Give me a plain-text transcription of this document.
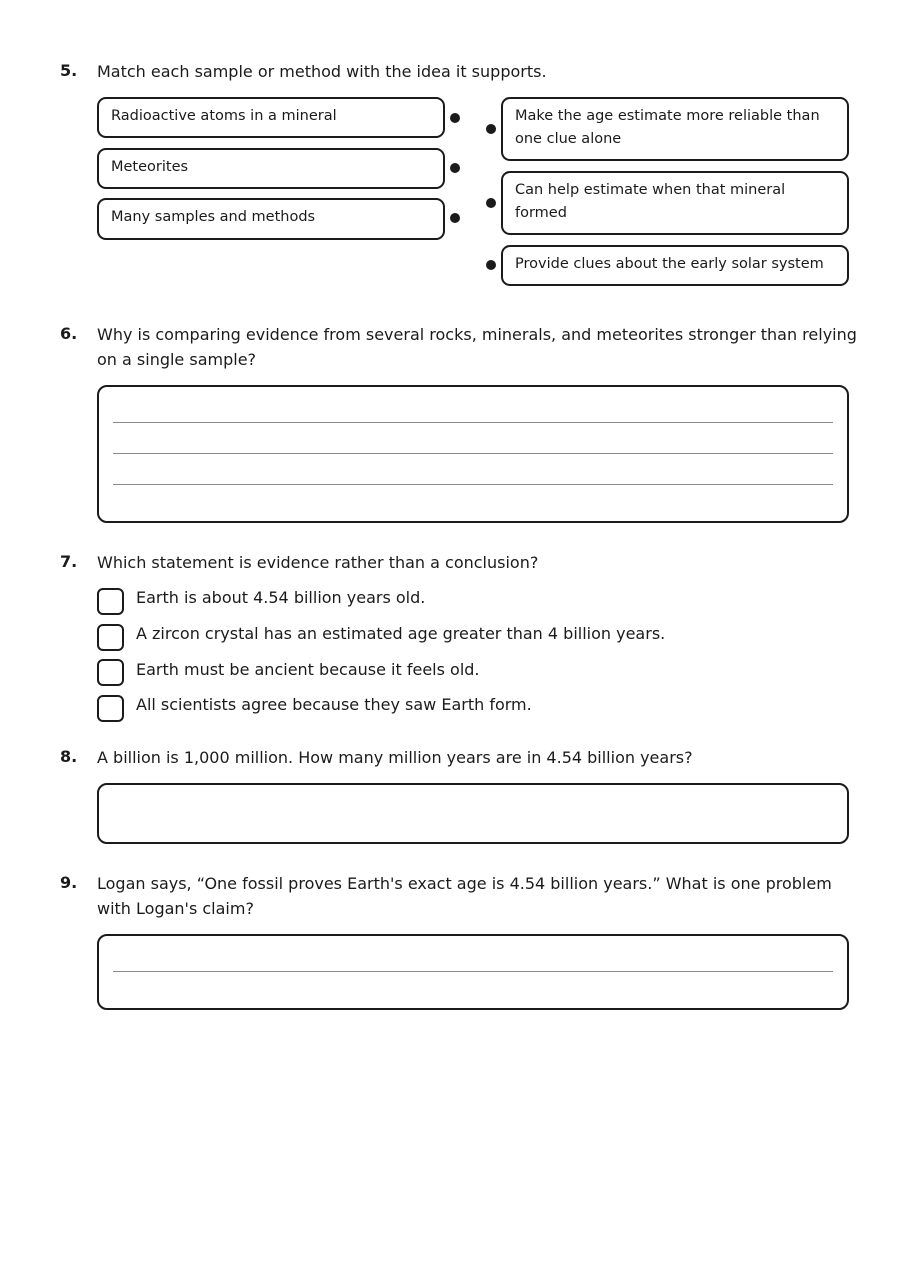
5. Match each sample or method with the idea it supports.
Radioactive atoms in a mineral
Meteorites
Many samples and methods
Make the age estimate more reliable than one clue alone
Can help estimate when that mineral formed
Provide clues about the early solar system
6. Why is comparing evidence from several rocks, minerals, and meteorites stronger than relying on a single sample?
7. Which statement is evidence rather than a conclusion?
Earth is about 4.54 billion years old.
A zircon crystal has an estimated age greater than 4 billion years.
Earth must be ancient because it feels old.
All scientists agree because they saw Earth form.
8. A billion is 1,000 million. How many million years are in 4.54 billion years?
9. Logan says, “One fossil proves Earth's exact age is 4.54 billion years.” What is one problem with Logan's claim?
